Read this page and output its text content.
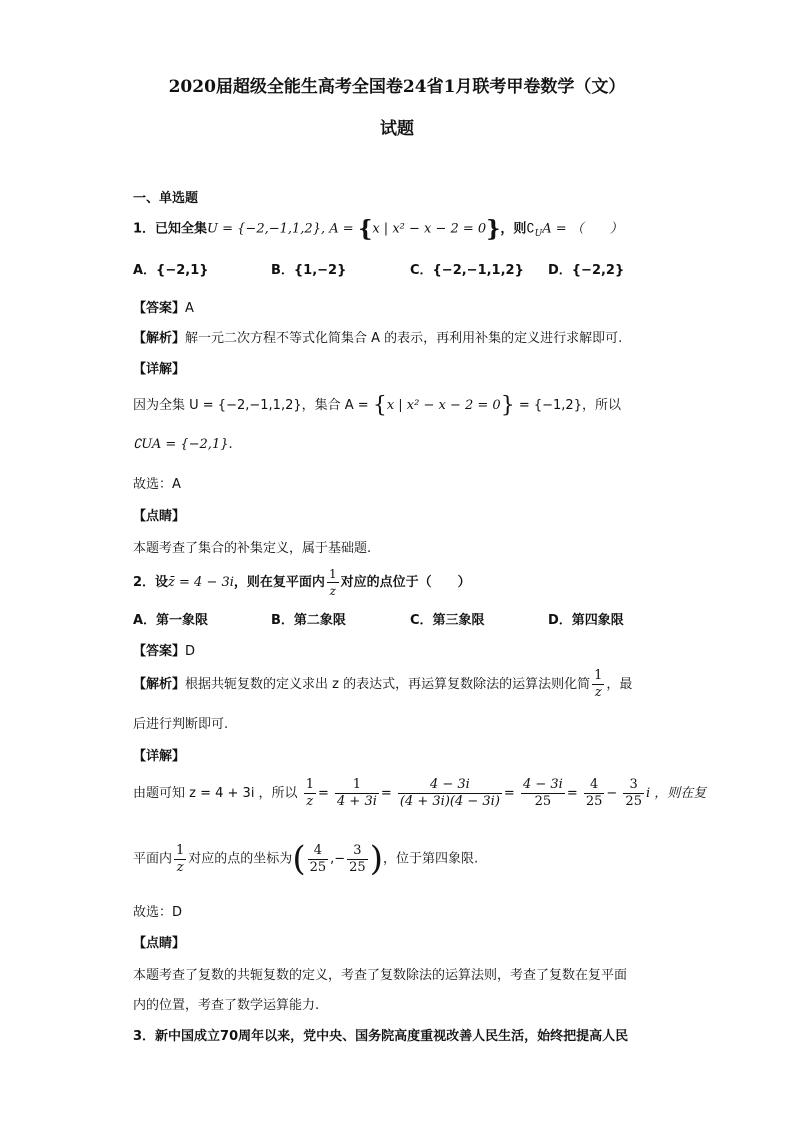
2020届超级全能生高考全国卷24省1月联考甲卷数学（文）
试题
一、单选题
1．已知全集U = {−2,−1,1,2}, A = {x | x² − x − 2 = 0}，则$∁_UA$ = （　　）
A．{−2,1}	B．{1,−2}	C．{−2,−1,1,2} D．{−2,2}
【答案】A
【解析】解一元二次方程不等式化简集合 A 的表示，再利用补集的定义进行求解即可.
【详解】
因为全集 U = {−2,−1,1,2}，集合 A = {x | x² − x − 2 = 0} = {−1,2}，所以
∁UA = {−2,1}.
故选：A
【点睛】
本题考查了集合的补集定义，属于基础题.
2．设z̄ = 4 − 3i，则在复平面内 $\frac{1}{z}$ 对应的点位于（　　）
A．第一象限	B．第二象限	C．第三象限	D．第四象限
【答案】D
【解析】根据共轭复数的定义求出 z 的表达式，再运算复数除法的运算法则化简 $\frac{1}{z}$ ，最
后进行判断即可.
【详解】
由题可知 z = 4 + 3i ，所以 $\frac{1}{z} = \frac{1}{4 + 3i} = \frac{4 - 3i}{(4 + 3i)(4 - 3i)} = \frac{4 - 3i}{25} = \frac{4}{25} - \frac{3}{25}$ i ，则在复
平面内 $\frac{1}{z}$ 对应的点的坐标为( $\frac{4}{25}$ ,− $\frac{3}{25}$ )，位于第四象限.
故选：D
【点睛】
本题考查了复数的共轭复数的定义，考查了复数除法的运算法则，考查了复数在复平面
内的位置，考查了数学运算能力.
3．新中国成立70周年以来，党中央、国务院高度重视改善人民生活，始终把提高人民
